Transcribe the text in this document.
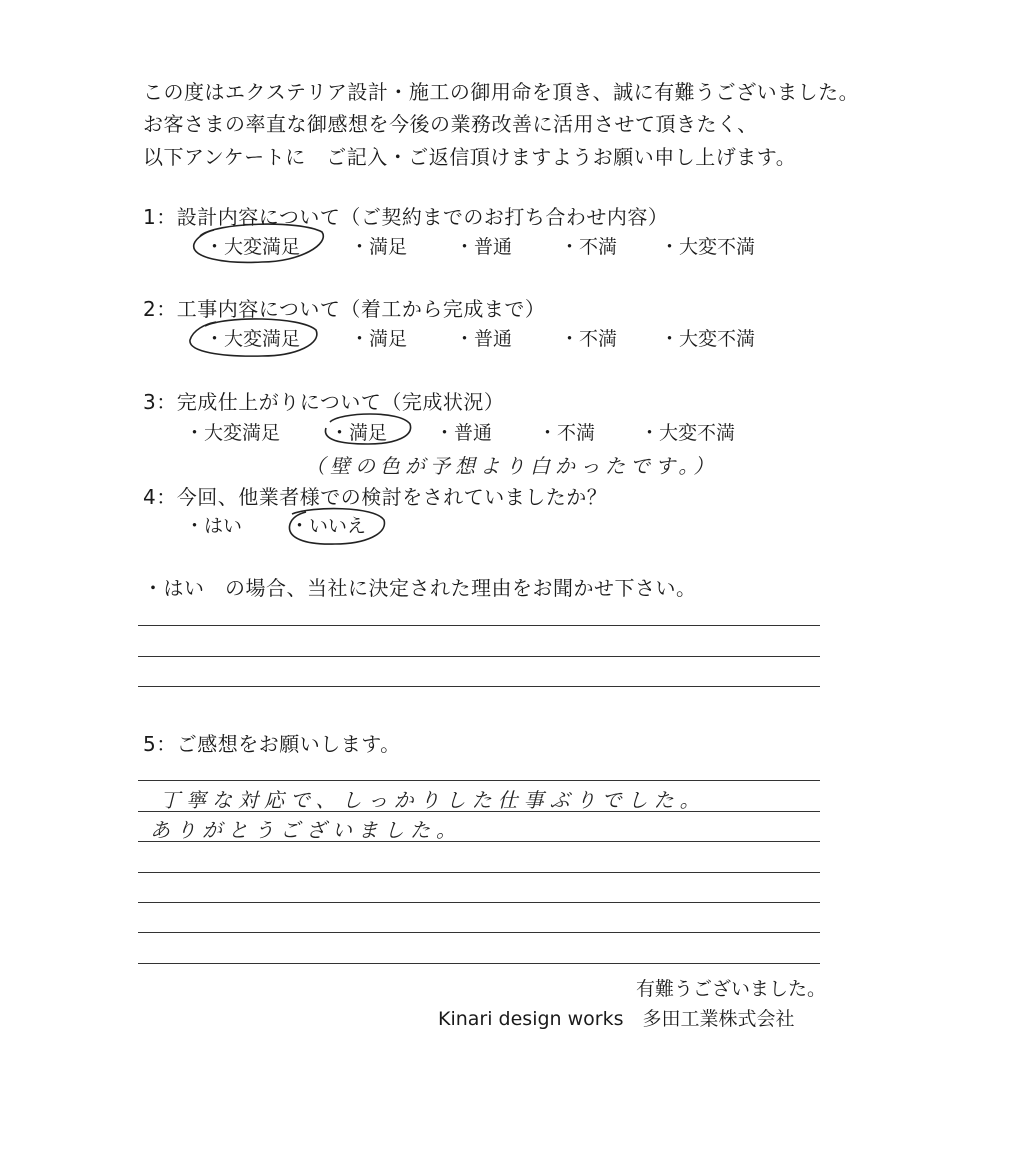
この度はエクステリア設計・施工の御用命を頂き、誠に有難うございました。
お客さまの率直な御感想を今後の業務改善に活用させて頂きたく、
以下アンケートに　ご記入・ご返信頂けますようお願い申し上げます。
1：設計内容について（ご契約までのお打ち合わせ内容）
・大変満足	・満足	・普通	・不満 ・大変不満
2：工事内容について（着工から完成まで）
・大変満足	・満足	・普通	・不満 ・大変不満
3：完成仕上がりについて（完成状況）
・大変満足	・満足	・普通 ・不満 ・大変不満
（壁の色が予想より白かったです。）
4：今回、他業者様での検討をされていましたか？
・はい	・いいえ
・はい　の場合、当社に決定された理由をお聞かせ下さい。
5：ご感想をお願いします。
丁寧な対応で、しっかりした仕事ぶりでした。
ありがとうございました。
有難うございました。
Kinari design works　多田工業株式会社
